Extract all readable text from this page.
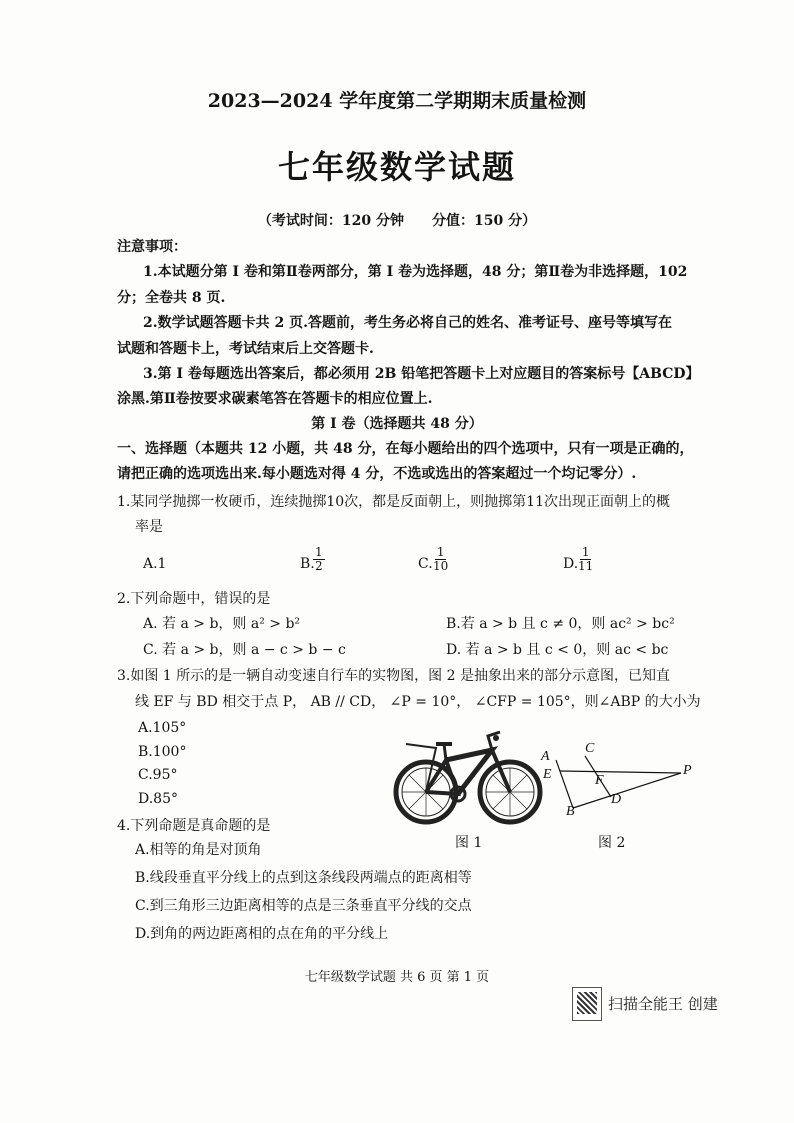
2023—2024 学年度第二学期期末质量检测
七年级数学试题
（考试时间：120 分钟　　分值：150 分）
注意事项：
1.本试题分第 I 卷和第Ⅱ卷两部分，第 I 卷为选择题，48 分；第Ⅱ卷为非选择题，102
分；全卷共 8 页.
2.数学试题答题卡共 2 页.答题前，考生务必将自己的姓名、准考证号、座号等填写在
试题和答题卡上，考试结束后上交答题卡.
3.第 I 卷每题选出答案后，都必须用 2B 铅笔把答题卡上对应题目的答案标号【ABCD】
涂黑.第Ⅱ卷按要求碳素笔答在答题卡的相应位置上.
第 I 卷（选择题共 48 分）
一、选择题（本题共 12 小题，共 48 分，在每小题给出的四个选项中，只有一项是正确的，
请把正确的选项选出来.每小题选对得 4 分，不选或选出的答案超过一个均记零分）.
1.某同学抛掷一枚硬币，连续抛掷10次，都是反面朝上，则抛掷第11次出现正面朝上的概
率是
A.1	B.
$\frac{1}{2}$	C.
$\frac{1}{10}$	D.
$\frac{1}{11}$
2.下列命题中，错误的是
A. 若 a > b，则 a² > b²	B.若 a > b 且 c ≠ 0，则 ac² > bc²
C. 若 a > b，则 a − c > b − c	D. 若 a > b 且 c < 0，则 ac < bc
3.如图 1 所示的是一辆自动变速自行车的实物图，图 2 是抽象出来的部分示意图，已知直
线 EF 与 BD 相交于点 P， AB // CD， ∠P = 10°， ∠CFP = 105°，则∠ABP 的大小为
A.105°
B.100°
C.95°
D.85°
A
E
B
C
F
D
P
图 1	图 2
4.下列命题是真命题的是
A.相等的角是对顶角
B.线段垂直平分线上的点到这条线段两端点的距离相等
C.到三角形三边距离相等的点是三条垂直平分线的交点
D.到角的两边距离相的点在角的平分线上
七年级数学试题 共 6 页 第 1 页
扫描全能王 创建
